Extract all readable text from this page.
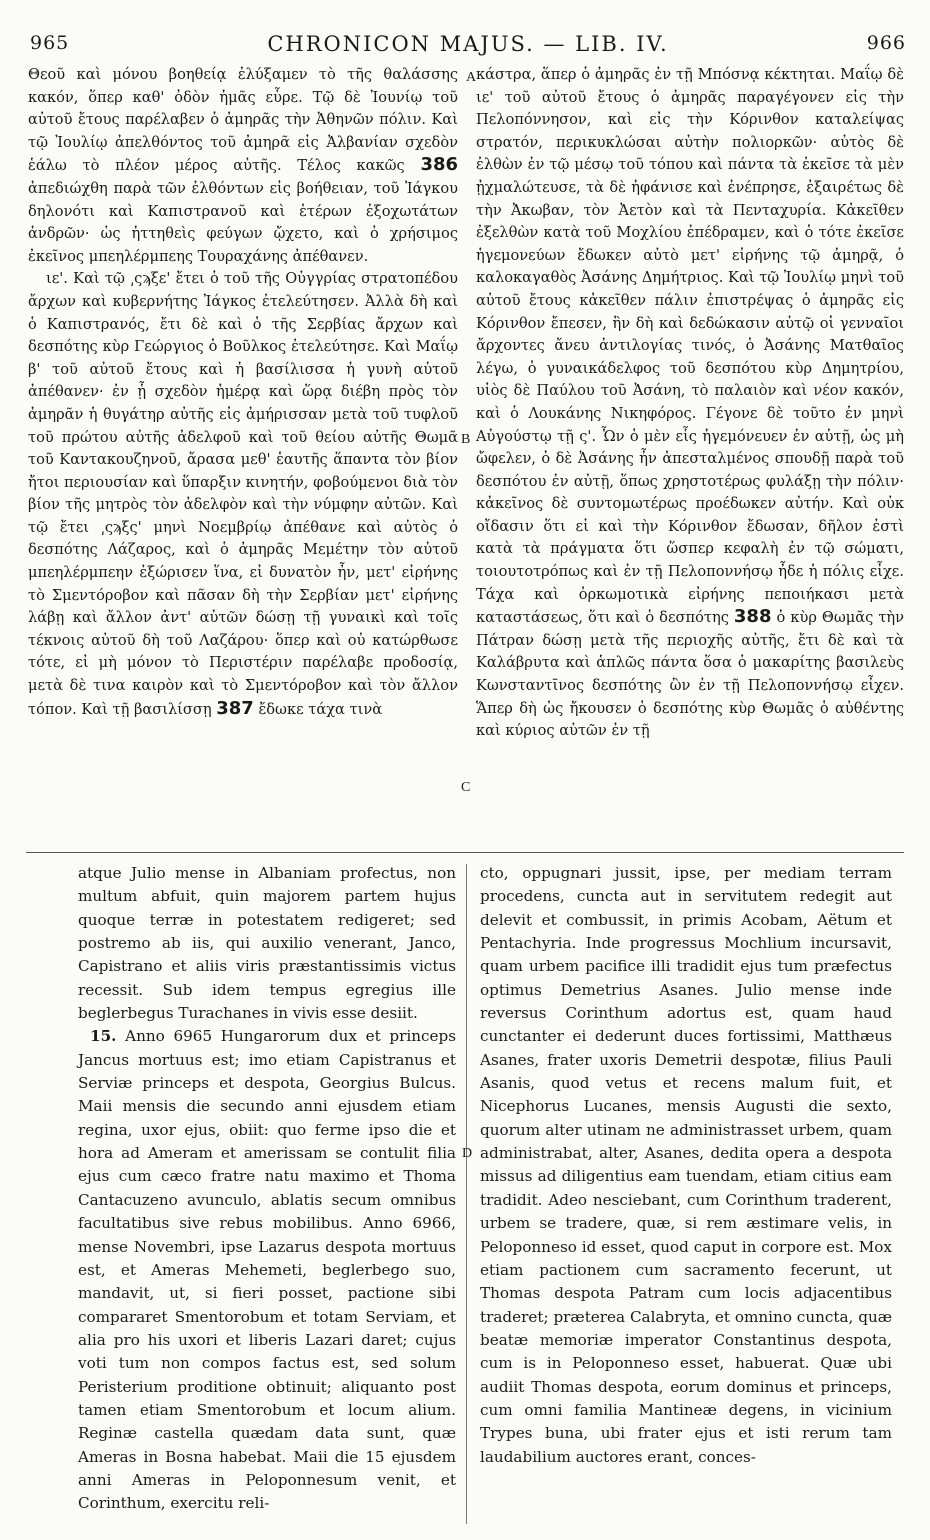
965	CHRONICON MAJUS. — LIB. IV.	966

Θεοῦ καὶ μόνου βοηθείᾳ ἐλύξαμεν τὸ τῆς θαλάσσης κακόν, ὅπερ καθ' ὁδὸν ἡμᾶς εὗρε. Τῷ δὲ Ἰουνίῳ τοῦ αὐτοῦ ἔτους παρέλαβεν ὁ ἀμηρᾶς τὴν Ἀθηνῶν πόλιν. Καὶ τῷ Ἰουλίῳ ἀπελθόντος τοῦ ἀμηρᾶ εἰς Ἀλβανίαν σχεδὸν ἑάλω τὸ πλέον μέρος αὐτῆς. Τέλος κακῶς 386 ἀπεδιώχθη παρὰ τῶν ἐλθόντων εἰς βοήθειαν, τοῦ Ἰάγκου δηλονότι καὶ Καπιστρανοῦ καὶ ἑτέρων ἐξοχωτάτων ἀνδρῶν· ὡς ἡττηθεὶς φεύγων ᾤχετο, καὶ ὁ χρήσιμος ἐκεῖνος μπεηλέρμπεης Τουραχάνης ἀπέθανεν.

ιε'. Καὶ τῷ ͵ςϡξε' ἔτει ὁ τοῦ τῆς Οὐγγρίας στρατοπέδου ἄρχων καὶ κυβερνήτης Ἰάγκος ἐτελεύτησεν. Ἀλλὰ δὴ καὶ ὁ Καπιστρανός, ἔτι δὲ καὶ ὁ τῆς Σερβίας ἄρχων καὶ δεσπότης κὺρ Γεώργιος ὁ Βοῦλκος ἐτελεύτησε. Καὶ Μαΐῳ β' τοῦ αὐτοῦ ἔτους καὶ ἡ βασίλισσα ἡ γυνὴ αὐτοῦ ἀπέθανεν· ἐν ᾗ σχεδὸν ἡμέρᾳ καὶ ὥρᾳ διέβη πρὸς τὸν ἀμηρᾶν ἡ θυγάτηρ αὐτῆς εἰς ἀμήρισσαν μετὰ τοῦ τυφλοῦ τοῦ πρώτου αὐτῆς ἀδελφοῦ καὶ τοῦ θείου αὐτῆς Θωμᾶ τοῦ Καντακουζηνοῦ, ἄρασα μεθ' ἑαυτῆς ἅπαντα τὸν βίον ἤτοι περιουσίαν καὶ ὕπαρξιν κινητήν, φοβούμενοι διὰ τὸν βίον τῆς μητρὸς τὸν ἀδελφὸν καὶ τὴν νύμφην αὐτῶν. Καὶ τῷ ἔτει ͵ςϡξς' μηνὶ Νοεμβρίῳ ἀπέθανε καὶ αὐτὸς ὁ δεσπότης Λάζαρος, καὶ ὁ ἀμηρᾶς Μεμέτην τὸν αὐτοῦ μπεηλέρμπεην ἐξώρισεν ἵνα, εἰ δυνατὸν ἦν, μετ' εἰρήνης τὸ Σμεντόροβον καὶ πᾶσαν δὴ τὴν Σερβίαν μετ' εἰρήνης λάβῃ καὶ ἄλλον ἀντ' αὐτῶν δώσῃ τῇ γυναικὶ καὶ τοῖς τέκνοις αὐτοῦ δὴ τοῦ Λαζάρου· ὅπερ καὶ οὐ κατώρθωσε τότε, εἰ μὴ μόνον τὸ Περιστέριν παρέλαβε προδοσίᾳ, μετὰ δὲ τινα καιρὸν καὶ τὸ Σμεντόροβον καὶ τὸν ἄλλον τόπον. Καὶ τῇ βασιλίσσῃ 387 ἔδωκε τάχα τινὰ

κάστρα, ἅπερ ὁ ἀμηρᾶς ἐν τῇ Μπόσνᾳ κέκτηται. Μαΐῳ δὲ ιε' τοῦ αὐτοῦ ἔτους ὁ ἀμηρᾶς παραγέγονεν εἰς τὴν Πελοπόννησον, καὶ εἰς τὴν Κόρινθον καταλείψας στρατόν, περικυκλώσαι αὐτὴν πολιορκῶν· αὐτὸς δὲ ἐλθὼν ἐν τῷ μέσῳ τοῦ τόπου καὶ πάντα τὰ ἐκεῖσε τὰ μὲν ᾐχμαλώτευσε, τὰ δὲ ἠφάνισε καὶ ἐνέπρησε, ἐξαιρέτως δὲ τὴν Ἀκωβαν, τὸν Ἀετὸν καὶ τὰ Πενταχυρία. Κἀκεῖθεν ἐξελθὼν κατὰ τοῦ Μοχλίου ἐπέδραμεν, καὶ ὁ τότε ἐκεῖσε ἡγεμονεύων ἔδωκεν αὐτὸ μετ' εἰρήνης τῷ ἀμηρᾷ, ὁ καλοκαγαθὸς Ἀσάνης Δημήτριος. Καὶ τῷ Ἰουλίῳ μηνὶ τοῦ αὐτοῦ ἔτους κἀκεῖθεν πάλιν ἐπιστρέψας ὁ ἀμηρᾶς εἰς Κόρινθον ἔπεσεν, ἣν δὴ καὶ δεδώκασιν αὐτῷ οἱ γενναῖοι ἄρχοντες ἄνευ ἀντιλογίας τινός, ὁ Ἀσάνης Ματθαῖος λέγω, ὁ γυναικάδελφος τοῦ δεσπότου κὺρ Δημητρίου, υἱὸς δὲ Παύλου τοῦ Ἀσάνη, τὸ παλαιὸν καὶ νέον κακόν, καὶ ὁ Λουκάνης Νικηφόρος. Γέγονε δὲ τοῦτο ἐν μηνὶ Αὐγούστῳ τῇ ς'. Ὧν ὁ μὲν εἷς ἡγεμόνευεν ἐν αὐτῇ, ὡς μὴ ὤφελεν, ὁ δὲ Ἀσάνης ἦν ἀπεσταλμένος σπουδῇ παρὰ τοῦ δεσπότου ἐν αὐτῇ, ὅπως χρηστοτέρως φυλάξῃ τὴν πόλιν· κἀκεῖνος δὲ συντομωτέρως προέδωκεν αὐτήν. Καὶ οὐκ οἴδασιν ὅτι εἰ καὶ τὴν Κόρινθον ἔδωσαν, δῆλον ἐστὶ κατὰ τὰ πράγματα ὅτι ὥσπερ κεφαλὴ ἐν τῷ σώματι, τοιουτοτρόπως καὶ ἐν τῇ Πελοποννήσῳ ἦδε ἡ πόλις εἶχε. Τάχα καὶ ὁρκωμοτικὰ εἰρήνης πεποιήκασι μετὰ καταστάσεως, ὅτι καὶ ὁ δεσπότης 388 ὁ κὺρ Θωμᾶς τὴν Πάτραν δώσῃ μετὰ τῆς περιοχῆς αὐτῆς, ἔτι δὲ καὶ τὰ Καλάβρυτα καὶ ἁπλῶς πάντα ὅσα ὁ μακαρίτης βασιλεὺς Κωνσταντῖνος δεσπότης ὢν ἐν τῇ Πελοποννήσῳ εἶχεν. Ἅπερ δὴ ὡς ἤκουσεν ὁ δεσπότης κὺρ Θωμᾶς ὁ αὐθέντης καὶ κύριος αὐτῶν ἐν τῇ

A
B
C

atque Julio mense in Albaniam profectus, non multum abfuit, quin majorem partem hujus quoque terræ in potestatem redigeret; sed postremo ab iis, qui auxilio venerant, Janco, Capistrano et aliis viris præstantissimis victus recessit. Sub idem tempus egregius ille beglerbegus Turachanes in vivis esse desiit.

15. Anno 6965 Hungarorum dux et princeps Jancus mortuus est; imo etiam Capistranus et Serviæ princeps et despota, Georgius Bulcus. Maii mensis die secundo anni ejusdem etiam regina, uxor ejus, obiit: quo ferme ipso die et hora ad Ameram et amerissam se contulit filia ejus cum cæco fratre natu maximo et Thoma Cantacuzeno avunculo, ablatis secum omnibus facultatibus sive rebus mobilibus. Anno 6966, mense Novembri, ipse Lazarus despota mortuus est, et Ameras Mehemeti, beglerbego suo, mandavit, ut, si fieri posset, pactione sibi compararet Smentorobum et totam Serviam, et alia pro his uxori et liberis Lazari daret; cujus voti tum non compos factus est, sed solum Peristerium proditione obtinuit; aliquanto post tamen etiam Smentorobum et locum alium. Reginæ castella quædam data sunt, quæ Ameras in Bosna habebat. Maii die 15 ejusdem anni Ameras in Peloponnesum venit, et Corinthum, exercitu reli-

D

cto, oppugnari jussit, ipse, per mediam terram procedens, cuncta aut in servitutem redegit aut delevit et combussit, in primis Acobam, Aëtum et Pentachyria. Inde progressus Mochlium incursavit, quam urbem pacifice illi tradidit ejus tum præfectus optimus Demetrius Asanes. Julio mense inde reversus Corinthum adortus est, quam haud cunctanter ei dederunt duces fortissimi, Matthæus Asanes, frater uxoris Demetrii despotæ, filius Pauli Asanis, quod vetus et recens malum fuit, et Nicephorus Lucanes, mensis Augusti die sexto, quorum alter utinam ne administrasset urbem, quam administrabat, alter, Asanes, dedita opera a despota missus ad diligentius eam tuendam, etiam citius eam tradidit. Adeo nesciebant, cum Corinthum traderent, urbem se tradere, quæ, si rem æstimare velis, in Peloponneso id esset, quod caput in corpore est. Mox etiam pactionem cum sacramento fecerunt, ut Thomas despota Patram cum locis adjacentibus traderet; præterea Calabryta, et omnino cuncta, quæ beatæ memoriæ imperator Constantinus despota, cum is in Peloponneso esset, habuerat. Quæ ubi audiit Thomas despota, eorum dominus et princeps, cum omni familia Mantineæ degens, in vicinium Trypes buna, ubi frater ejus et isti rerum tam laudabilium auctores erant, conces-
